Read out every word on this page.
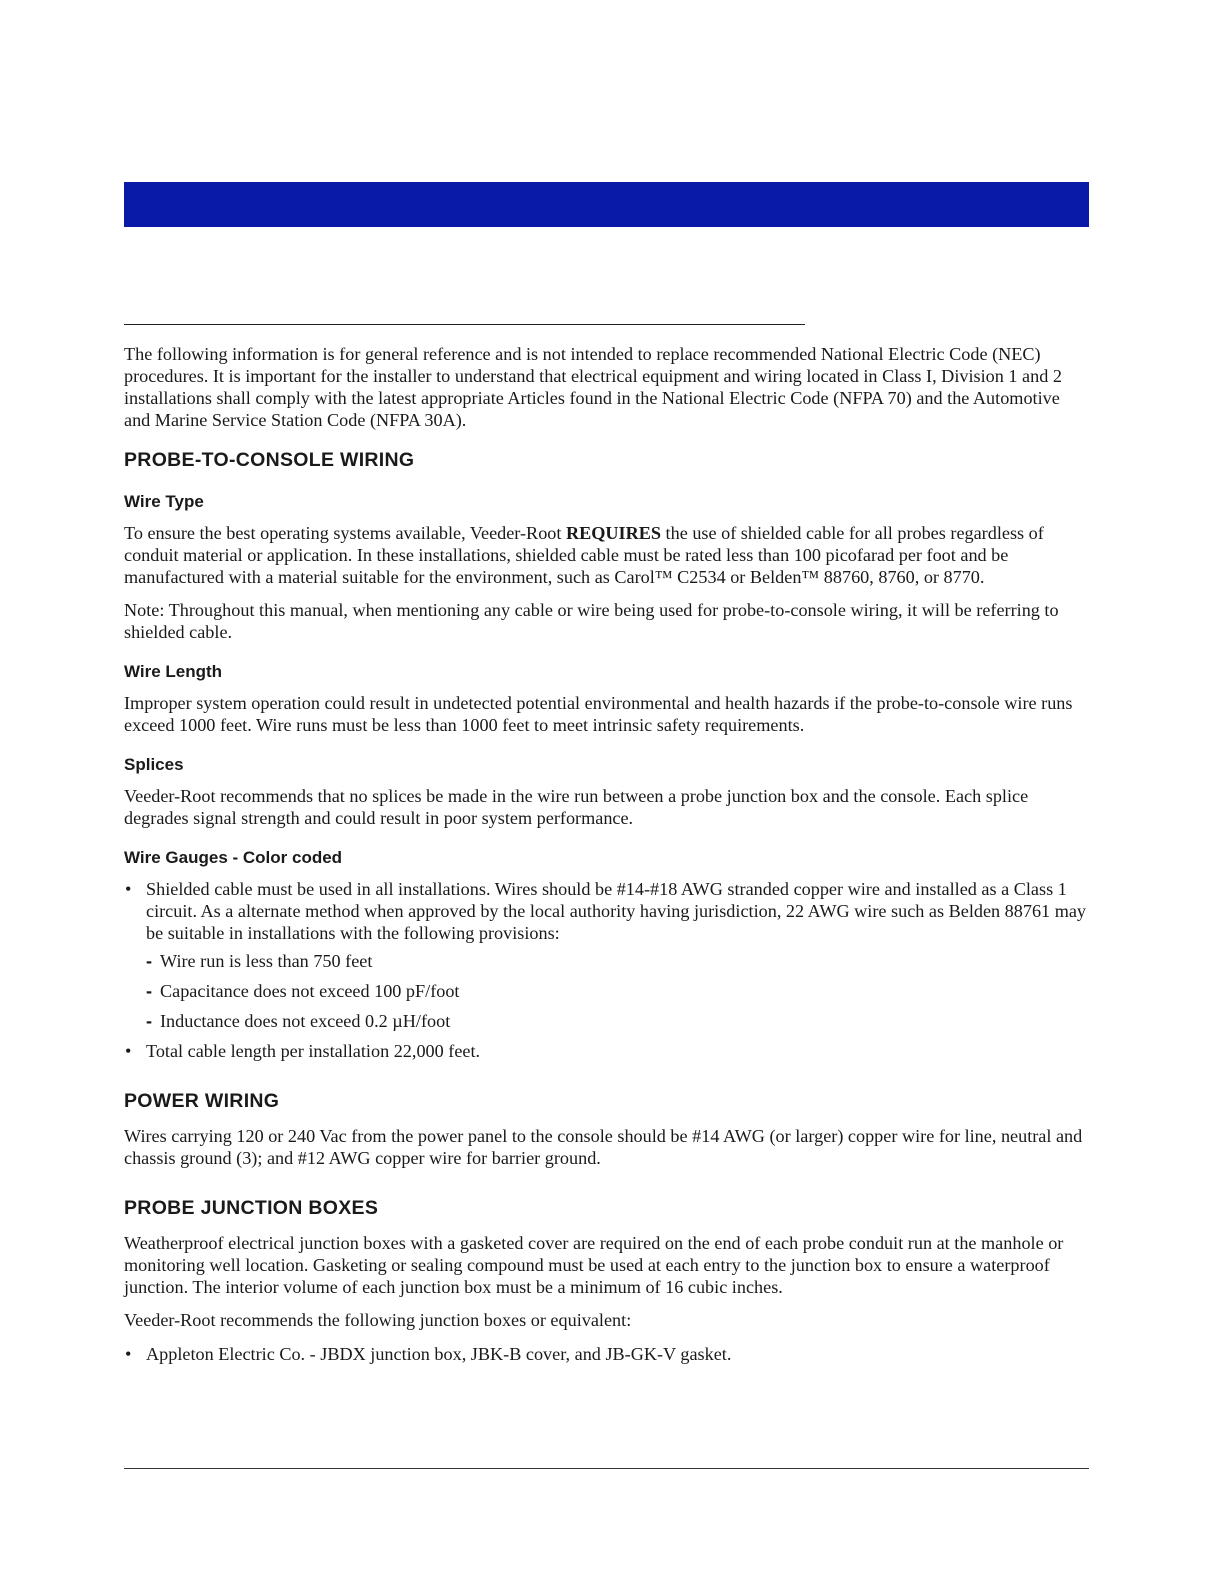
The following information is for general reference and is not intended to replace recommended National Electric Code (NEC) procedures. It is important for the installer to understand that electrical equipment and wiring located in Class I, Division 1 and 2 installations shall comply with the latest appropriate Articles found in the National Electric Code (NFPA 70) and the Automotive and Marine Service Station Code (NFPA 30A).

PROBE-TO-CONSOLE WIRING
Wire Type

To ensure the best operating systems available, Veeder-Root REQUIRES the use of shielded cable for all probes regardless of conduit material or application. In these installations, shielded cable must be rated less than 100 picofarad per foot and be manufactured with a material suitable for the environment, such as Carol™ C2534 or Belden™ 88760, 8760, or 8770.

Note: Throughout this manual, when mentioning any cable or wire being used for probe-to-console wiring, it will be referring to shielded cable.

Wire Length

Improper system operation could result in undetected potential environmental and health hazards if the probe-to-console wire runs exceed 1000 feet. Wire runs must be less than 1000 feet to meet intrinsic safety requirements.

Splices

Veeder-Root recommends that no splices be made in the wire run between a probe junction box and the console. Each splice degrades signal strength and could result in poor system performance.

Wire Gauges - Color coded
• Shielded cable must be used in all installations. Wires should be #14-#18 AWG stranded copper wire and installed as a Class 1 circuit. As a alternate method when approved by the local authority having jurisdiction, 22 AWG wire such as Belden 88761 may be suitable in installations with the following provisions:
- Wire run is less than 750 feet
- Capacitance does not exceed 100 pF/foot
- Inductance does not exceed 0.2 µH/foot
• Total cable length per installation 22,000 feet.
POWER WIRING

Wires carrying 120 or 240 Vac from the power panel to the console should be #14 AWG (or larger) copper wire for line, neutral and chassis ground (3); and #12 AWG copper wire for barrier ground.

PROBE JUNCTION BOXES

Weatherproof electrical junction boxes with a gasketed cover are required on the end of each probe conduit run at the manhole or monitoring well location. Gasketing or sealing compound must be used at each entry to the junction box to ensure a waterproof junction. The interior volume of each junction box must be a minimum of 16 cubic inches.

Veeder-Root recommends the following junction boxes or equivalent:

• Appleton Electric Co. - JBDX junction box, JBK-B cover, and JB-GK-V gasket.
